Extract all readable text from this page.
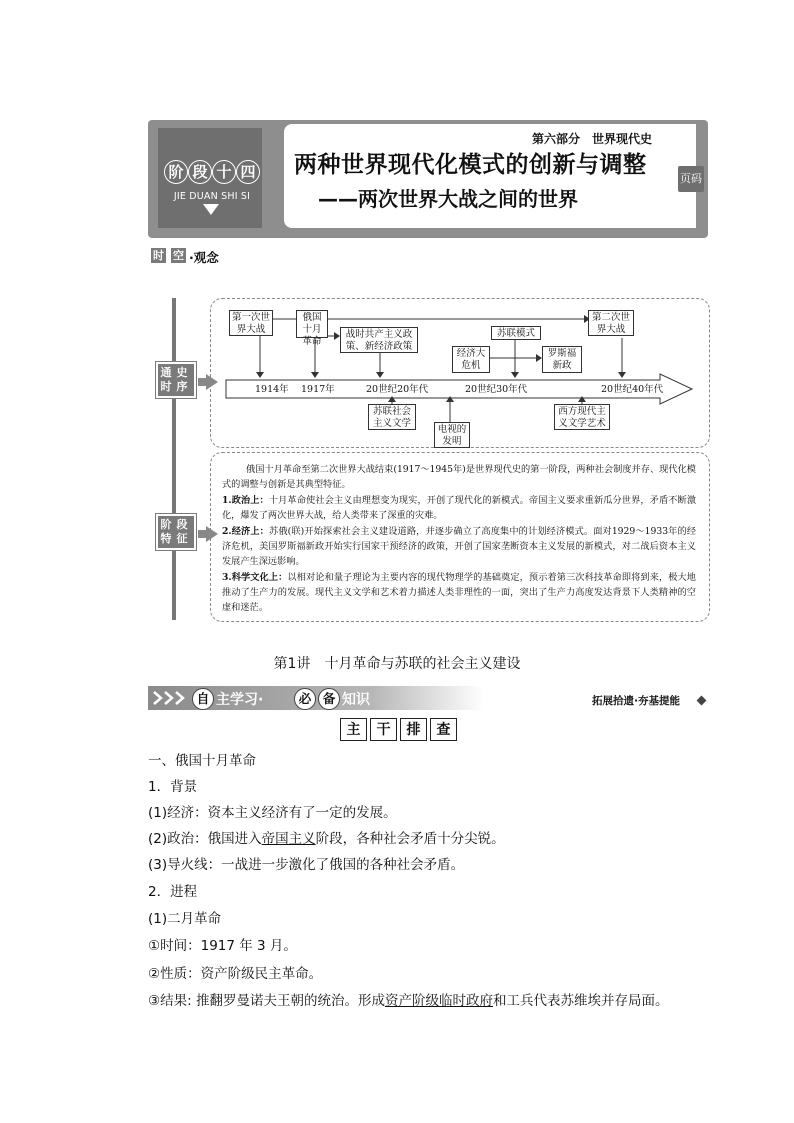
阶 段 十 四
JIE DUAN SHI SI
第六部分　世界现代史
两种世界现代化模式的创新与调整
——两次世界大战之间的世界
页码
时 空 ·观念
通 史
时 序
阶 段
特 征
第一次世界大战
俄国十月革命
战时共产主义政策、新经济政策
苏联模式
经济大危机
罗斯福新政
第二次世界大战
1914年 1917年	20世纪20年代	20世纪30年代	20世纪40年代
苏联社会主义文学
电视的发明
西方现代主义文学艺术
俄国十月革命至第二次世界大战结束(1917～1945年)是世界现代史的第一阶段，两种社会制度并存、现代化模式的调整与创新是其典型特征。
1.政治上：十月革命使社会主义由理想变为现实，开创了现代化的新模式。帝国主义要求重新瓜分世界，矛盾不断激化，爆发了两次世界大战，给人类带来了深重的灾难。
2.经济上：苏俄(联)开始探索社会主义建设道路，并逐步确立了高度集中的计划经济模式。面对1929～1933年的经济危机，美国罗斯福新政开始实行国家干预经济的政策，开创了国家垄断资本主义发展的新模式，对二战后资本主义发展产生深远影响。
3.科学文化上：以相对论和量子理论为主要内容的现代物理学的基础奠定，预示着第三次科技革命即将到来，极大地推动了生产力的发展。现代主义文学和艺术着力描述人类非理性的一面，突出了生产力高度发达背景下人类精神的空虚和迷茫。
第1讲　十月革命与苏联的社会主义建设
自 主学习·	必 备 知识	拓展拾遗·夯基提能
主	干	排	查
一、俄国十月革命
1．背景
(1)经济：资本主义经济有了一定的发展。
(2)政治：俄国进入帝国主义阶段，各种社会矛盾十分尖锐。
(3)导火线：一战进一步激化了俄国的各种社会矛盾。
2．进程
(1)二月革命
①时间：1917 年 3 月。
②性质：资产阶级民主革命。
③结果: 推翻罗曼诺夫王朝的统治。形成资产阶级临时政府和工兵代表苏维埃并存局面。
